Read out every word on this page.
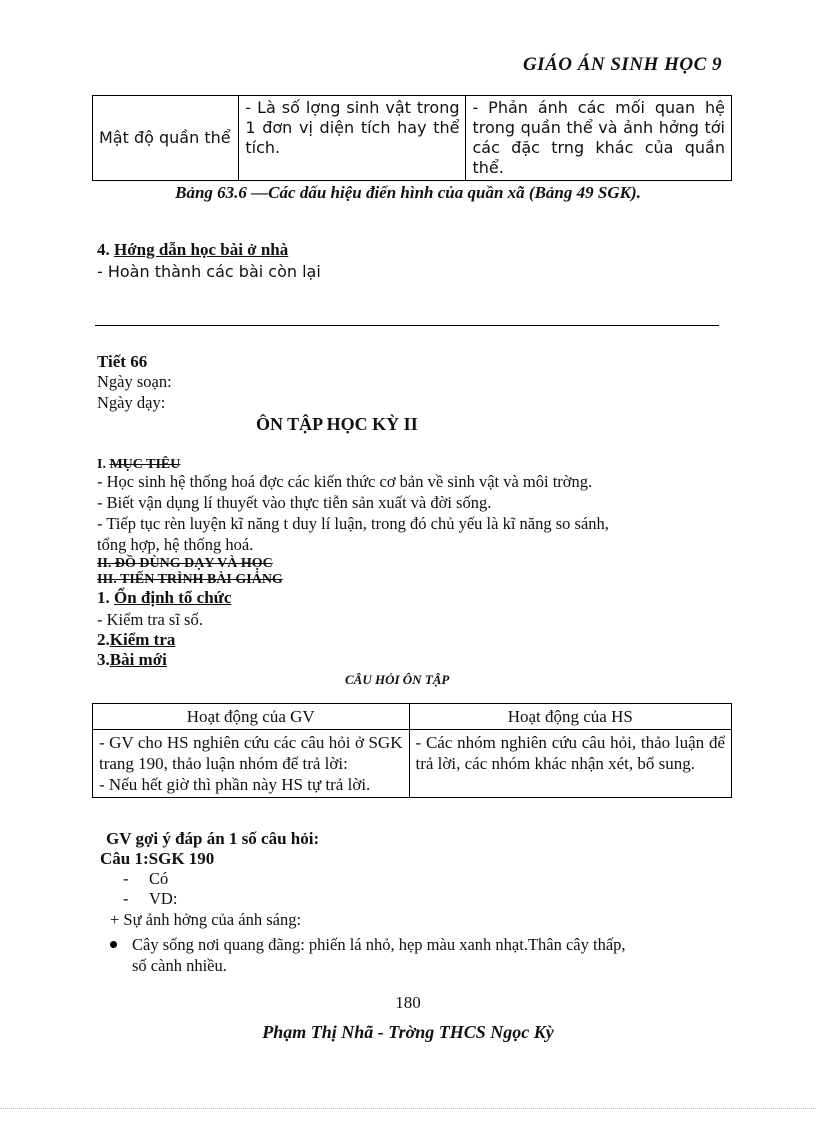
GIÁO ÁN SINH HỌC 9
Mật độ quần thể	- Là số lợng sinh vật trong 1 đơn vị diện tích hay thể tích.	- Phản ánh các mối quan hệ trong quần thể và ảnh hởng tới các đặc trng khác của quần thể.
Bảng 63.6 —Các dấu hiệu điển hình của quần xã (Bảng 49 SGK).
4. Hớng dẫn học bài ở nhà
- Hoàn thành các bài còn lại
Tiết 66
Ngày soạn:
Ngày dạy:
ÔN TẬP HỌC KỲ II
I. MỤC TIÊU
- Học sinh hệ thống hoá đợc các kiến thức cơ bản về sinh vật và môi trờng.
- Biết vận dụng lí thuyết vào thực tiễn sản xuất và đời sống.
- Tiếp tục rèn luyện kĩ năng t duy lí luận, trong đó chủ yếu là kĩ năng so sánh,
tổng hợp, hệ thống hoá.
II. ĐỒ DÙNG DẠY VÀ HỌC
III. TIẾN TRÌNH BÀI GIẢNG
1. Ổn định tổ chức
- Kiểm tra sĩ số.
2.Kiểm tra
3.Bài mới
CÂU HỎI ÔN TẬP
Hoạt động của GV	Hoạt động của HS

- GV cho HS nghiên cứu các câu hỏi ở SGK trang 190, thảo luận nhóm để trả lời:
- Nếu hết giờ thì phần này HS tự trả lời.	- Các nhóm nghiên cứu câu hỏi, thảo luận để trả lời, các nhóm khác nhận xét, bổ sung.
GV gợi ý đáp án 1 số câu hỏi:
Câu 1:SGK 190
- Có
- VD:
+ Sự ảnh hởng của ánh sáng:
Cây sống nơi quang đãng: phiến lá nhỏ, hẹp màu xanh nhạt.Thân cây thấp,
số cành nhiều.
180
Phạm Thị Nhã - Trờng THCS Ngọc Kỳ
